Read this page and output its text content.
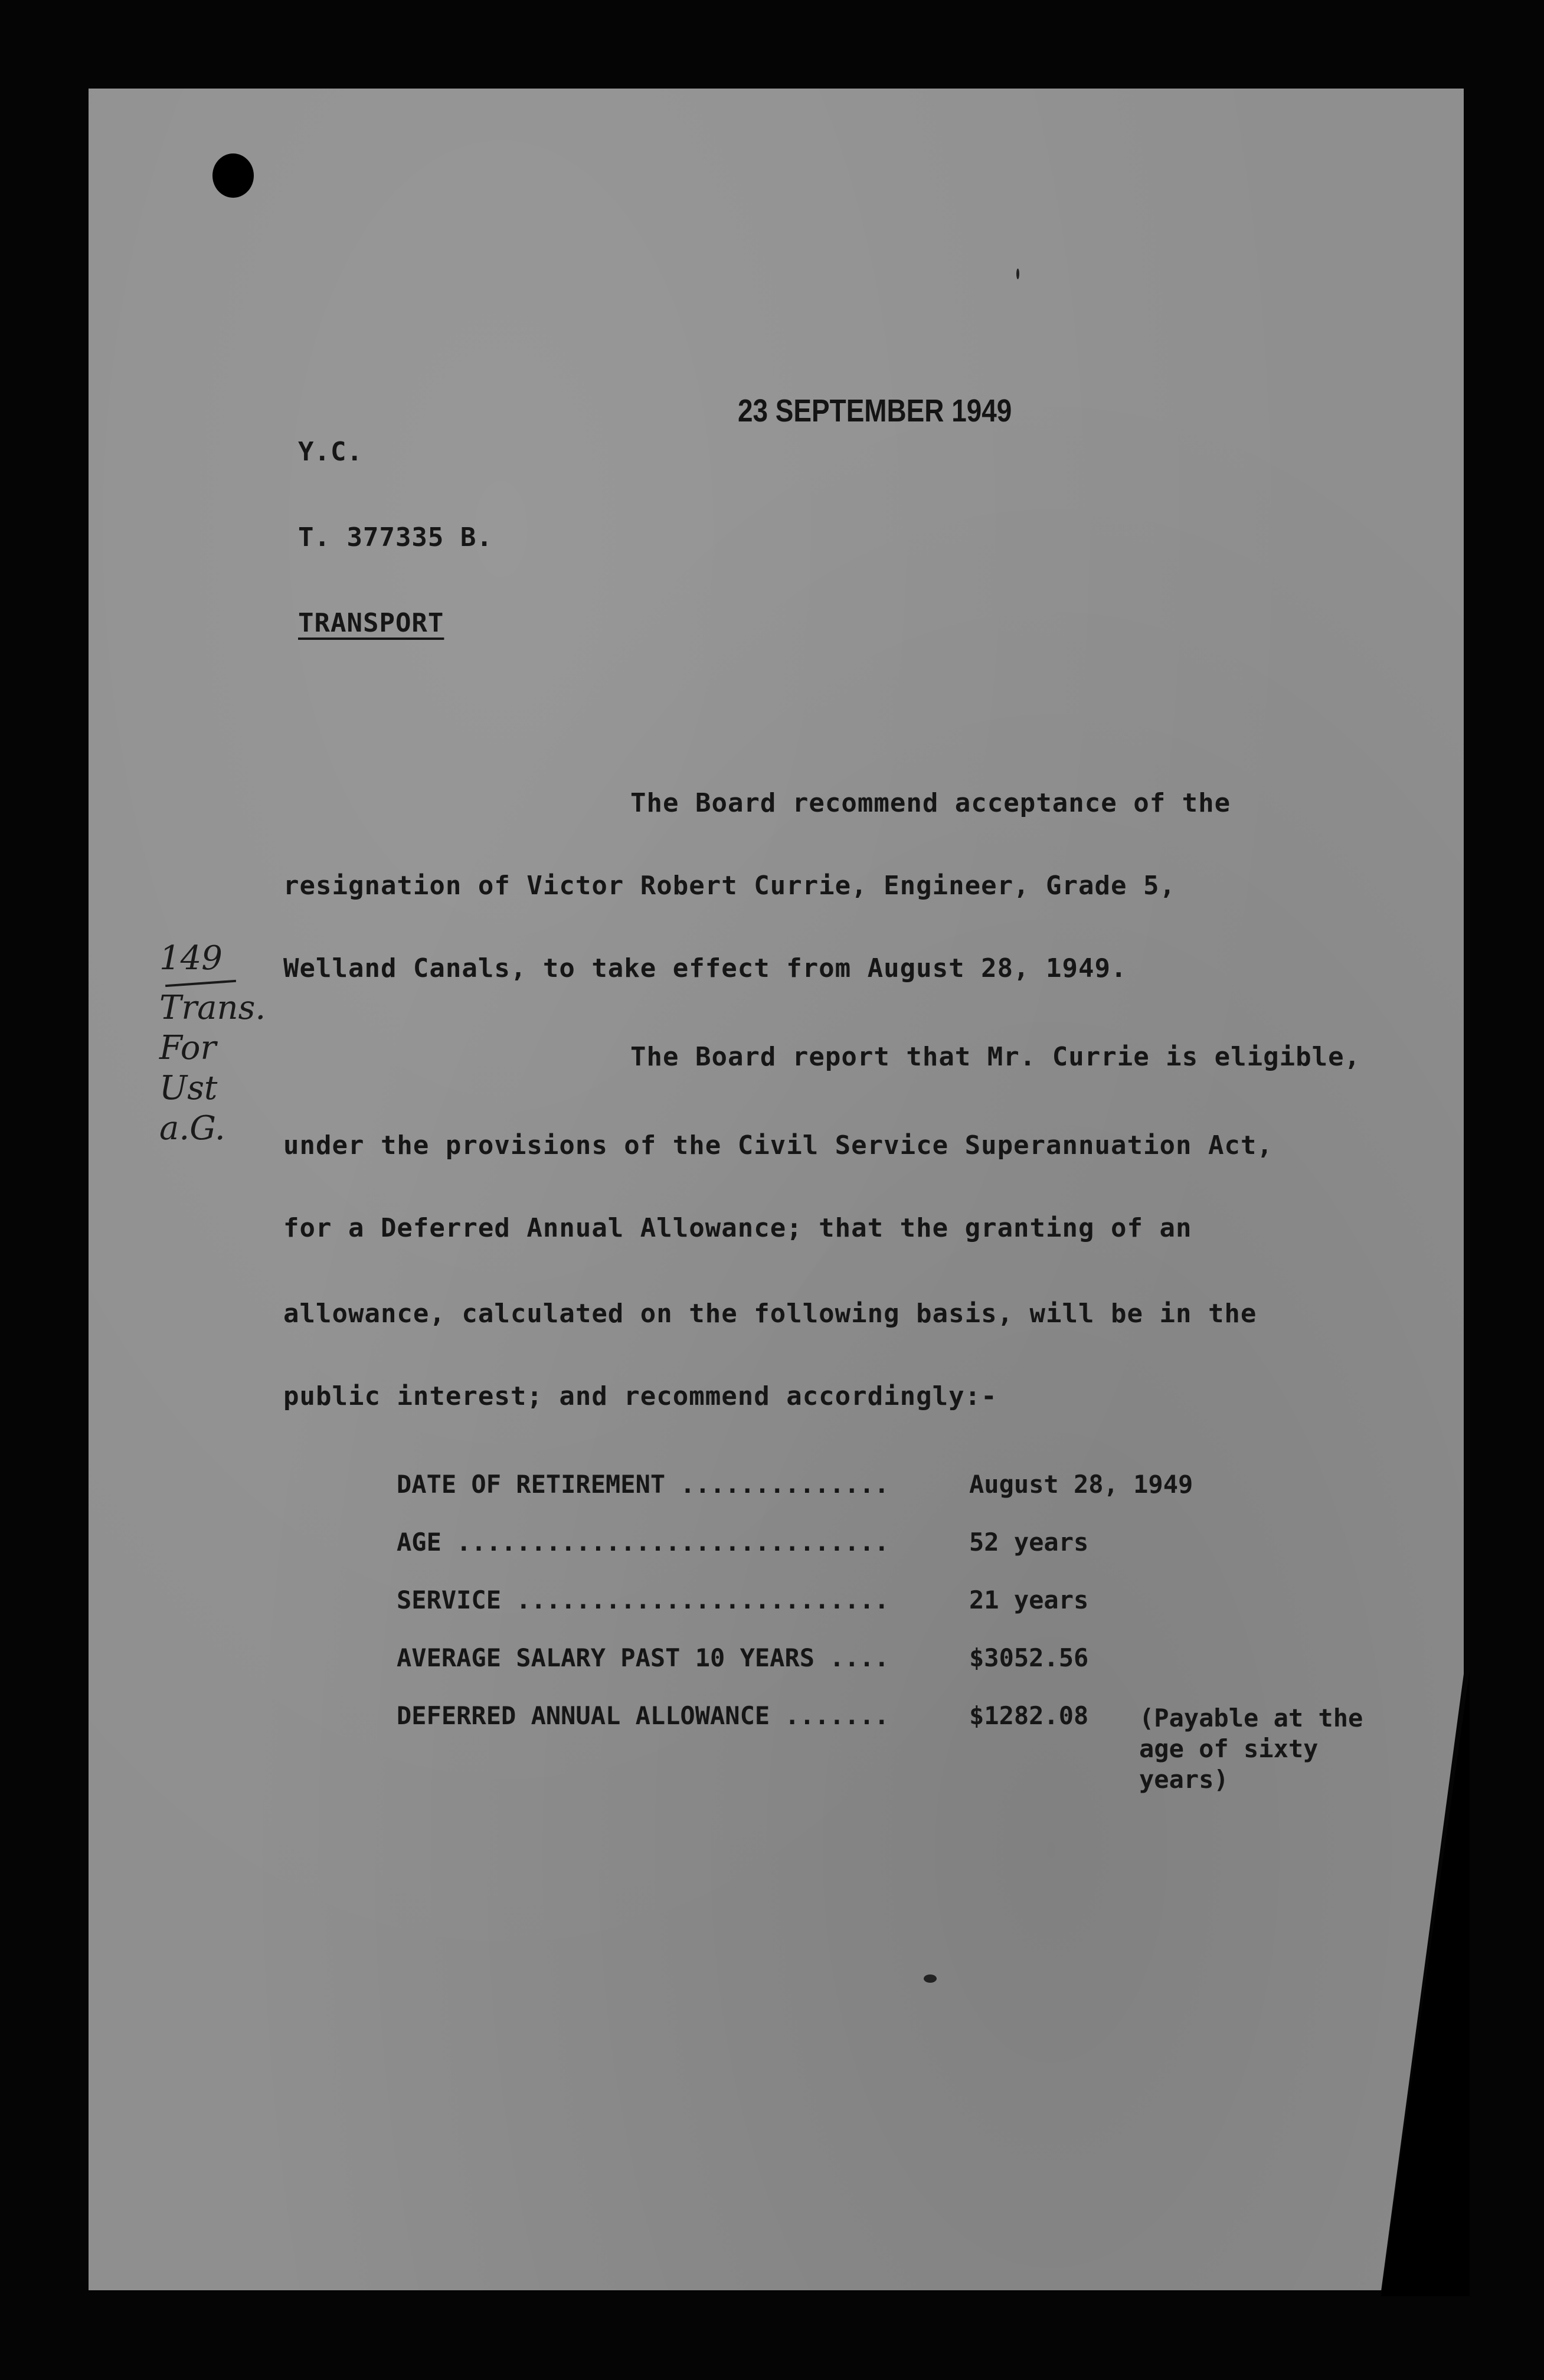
23 SEPTEMBER 1949
Y.C.
T. 377335 B.
TRANSPORT
The Board recommend acceptance of the
resignation of Victor Robert Currie, Engineer, Grade 5,
Welland Canals, to take effect from August 28, 1949.
The Board report that Mr. Currie is eligible,
under the provisions of the Civil Service Superannuation Act,
for a Deferred Annual Allowance; that the granting of an
allowance, calculated on the following basis, will be in the
public interest; and recommend accordingly:-
DATE OF RETIREMENT ..............	August 28, 1949
AGE .............................	52 years
SERVICE .........................	21 years
AVERAGE SALARY PAST 10 YEARS ....	$3052.56
DEFERRED ANNUAL ALLOWANCE .......	$1282.08 (Payable at the
age of sixty
years)
149
Trans.
For
Ust
a.G.
